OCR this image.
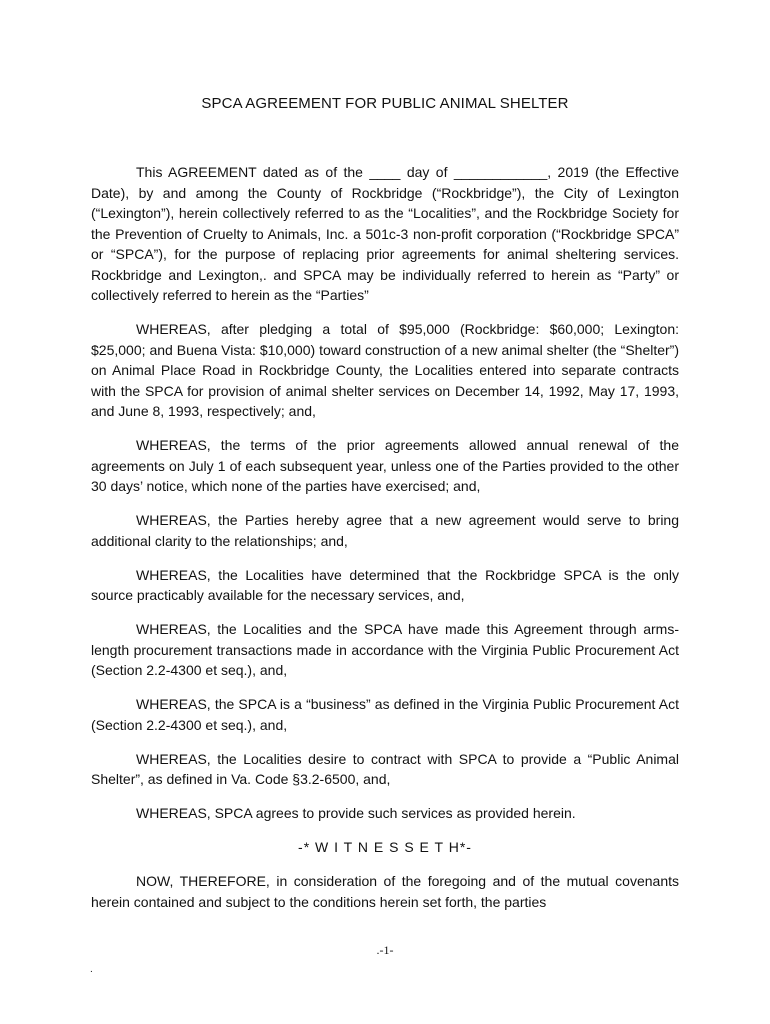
SPCA AGREEMENT FOR PUBLIC ANIMAL SHELTER

This AGREEMENT dated as of the ____ day of ____________, 2019 (the Effective Date), by and among the County of Rockbridge (“Rockbridge”), the City of Lexington (“Lexington”), herein collectively referred to as the “Localities”, and the Rockbridge Society for the Prevention of Cruelty to Animals, Inc. a 501c-3 non-profit corporation (“Rockbridge SPCA” or “SPCA”), for the purpose of replacing prior agreements for animal sheltering services. Rockbridge and Lexington,. and SPCA may be individually referred to herein as “Party” or collectively referred to herein as the “Parties”

WHEREAS, after pledging a total of $95,000 (Rockbridge: $60,000; Lexington: $25,000; and Buena Vista: $10,000) toward construction of a new animal shelter (the “Shelter”) on Animal Place Road in Rockbridge County, the Localities entered into separate contracts with the SPCA for provision of animal shelter services on December 14, 1992, May 17, 1993, and June 8, 1993, respectively; and,

WHEREAS, the terms of the prior agreements allowed annual renewal of the agreements on July 1 of each subsequent year, unless one of the Parties provided to the other 30 days’ notice, which none of the parties have exercised; and,

WHEREAS, the Parties hereby agree that a new agreement would serve to bring additional clarity to the relationships; and,

WHEREAS, the Localities have determined that the Rockbridge SPCA is the only source practicably available for the necessary services, and,

WHEREAS, the Localities and the SPCA have made this Agreement through arms-length procurement transactions made in accordance with the Virginia Public Procurement Act (Section 2.2-4300 et seq.), and,

WHEREAS, the SPCA is a “business” as defined in the Virginia Public Procurement Act (Section 2.2-4300 et seq.), and,

WHEREAS, the Localities desire to contract with SPCA to provide a “Public Animal Shelter”, as defined in Va. Code §3.2-6500, and,

WHEREAS, SPCA agrees to provide such services as provided herein.

-* W I T N E S S E T H*-

NOW, THEREFORE, in consideration of the foregoing and of the mutual covenants herein contained and subject to the conditions herein set forth, the parties

.-1-
.
